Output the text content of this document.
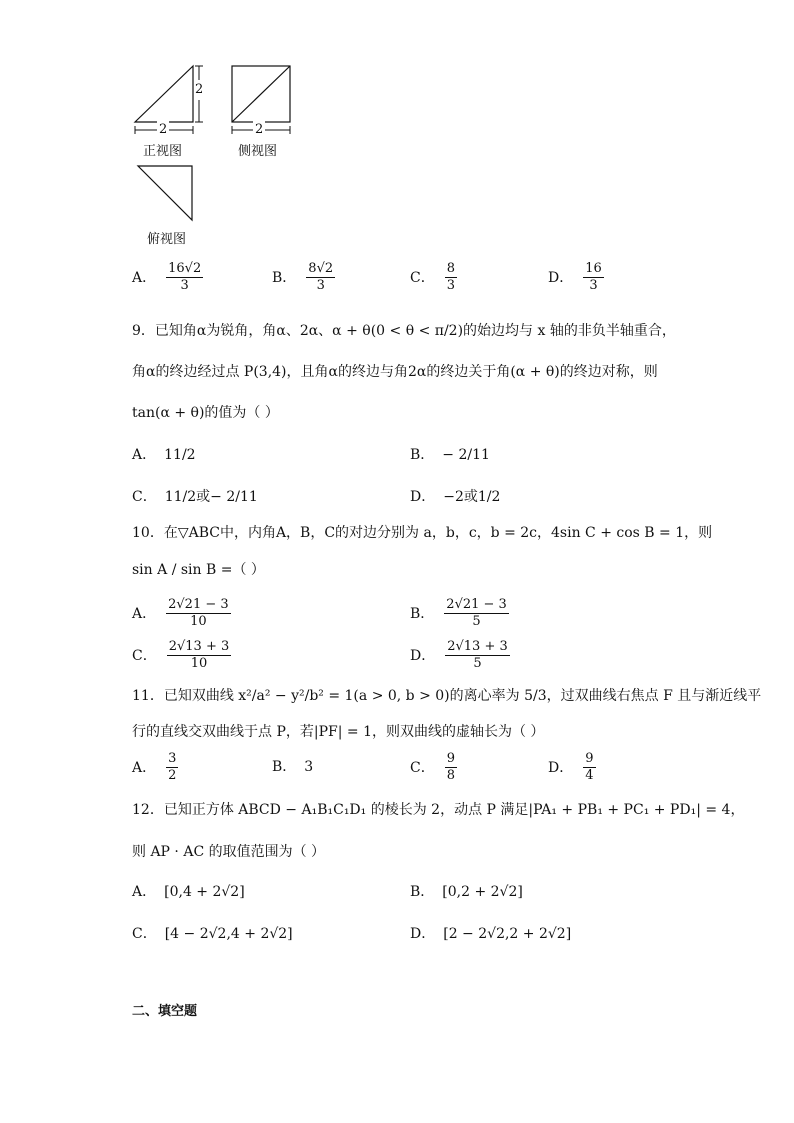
2
2
正视图
2
侧视图
俯视图
A． $\frac{16√2}{3}$	B． $\frac{8√2}{3}$	C． $\frac{8}{3}$	D． $\frac{16}{3}$
9．已知角α为锐角，角α、2α、α + θ(0 < θ < π/2)的始边均与 x 轴的非负半轴重合，
角α的终边经过点 P(3,4)，且角α的终边与角2α的终边关于角(α + θ)的终边对称，则
tan(α + θ)的值为（ ）
A． 11/2	B． − 2/11
C． 11/2或− 2/11	D． −2或1/2
10．在▽ABC中，内角A，B，C的对边分别为 a，b，c，b = 2c，4sin C + cos B = 1，则
sin A / sin B =（ ）
A． $\frac{2√21 - 3}{10}$	B． $\frac{2√21 - 3}{5}$
C． $\frac{2√13 + 3}{10}$	D． $\frac{2√13 + 3}{5}$
11．已知双曲线 x²/a² − y²/b² = 1(a > 0, b > 0)的离心率为 5/3，过双曲线右焦点 F 且与渐近线平
行的直线交双曲线于点 P，若|PF| = 1，则双曲线的虚轴长为（ ）
A． $\frac{3}{2}$	B． 3	C． $\frac{9}{8}$	D． $\frac{9}{4}$
12．已知正方体 ABCD − A₁B₁C₁D₁ 的棱长为 2，动点 P 满足|PA₁ + PB₁ + PC₁ + PD₁| = 4，
则 AP · AC 的取值范围为（ ）
A． [0,4 + 2√2]	B． [0,2 + 2√2]
C． [4 − 2√2,4 + 2√2]	D． [2 − 2√2,2 + 2√2]
二、填空题
